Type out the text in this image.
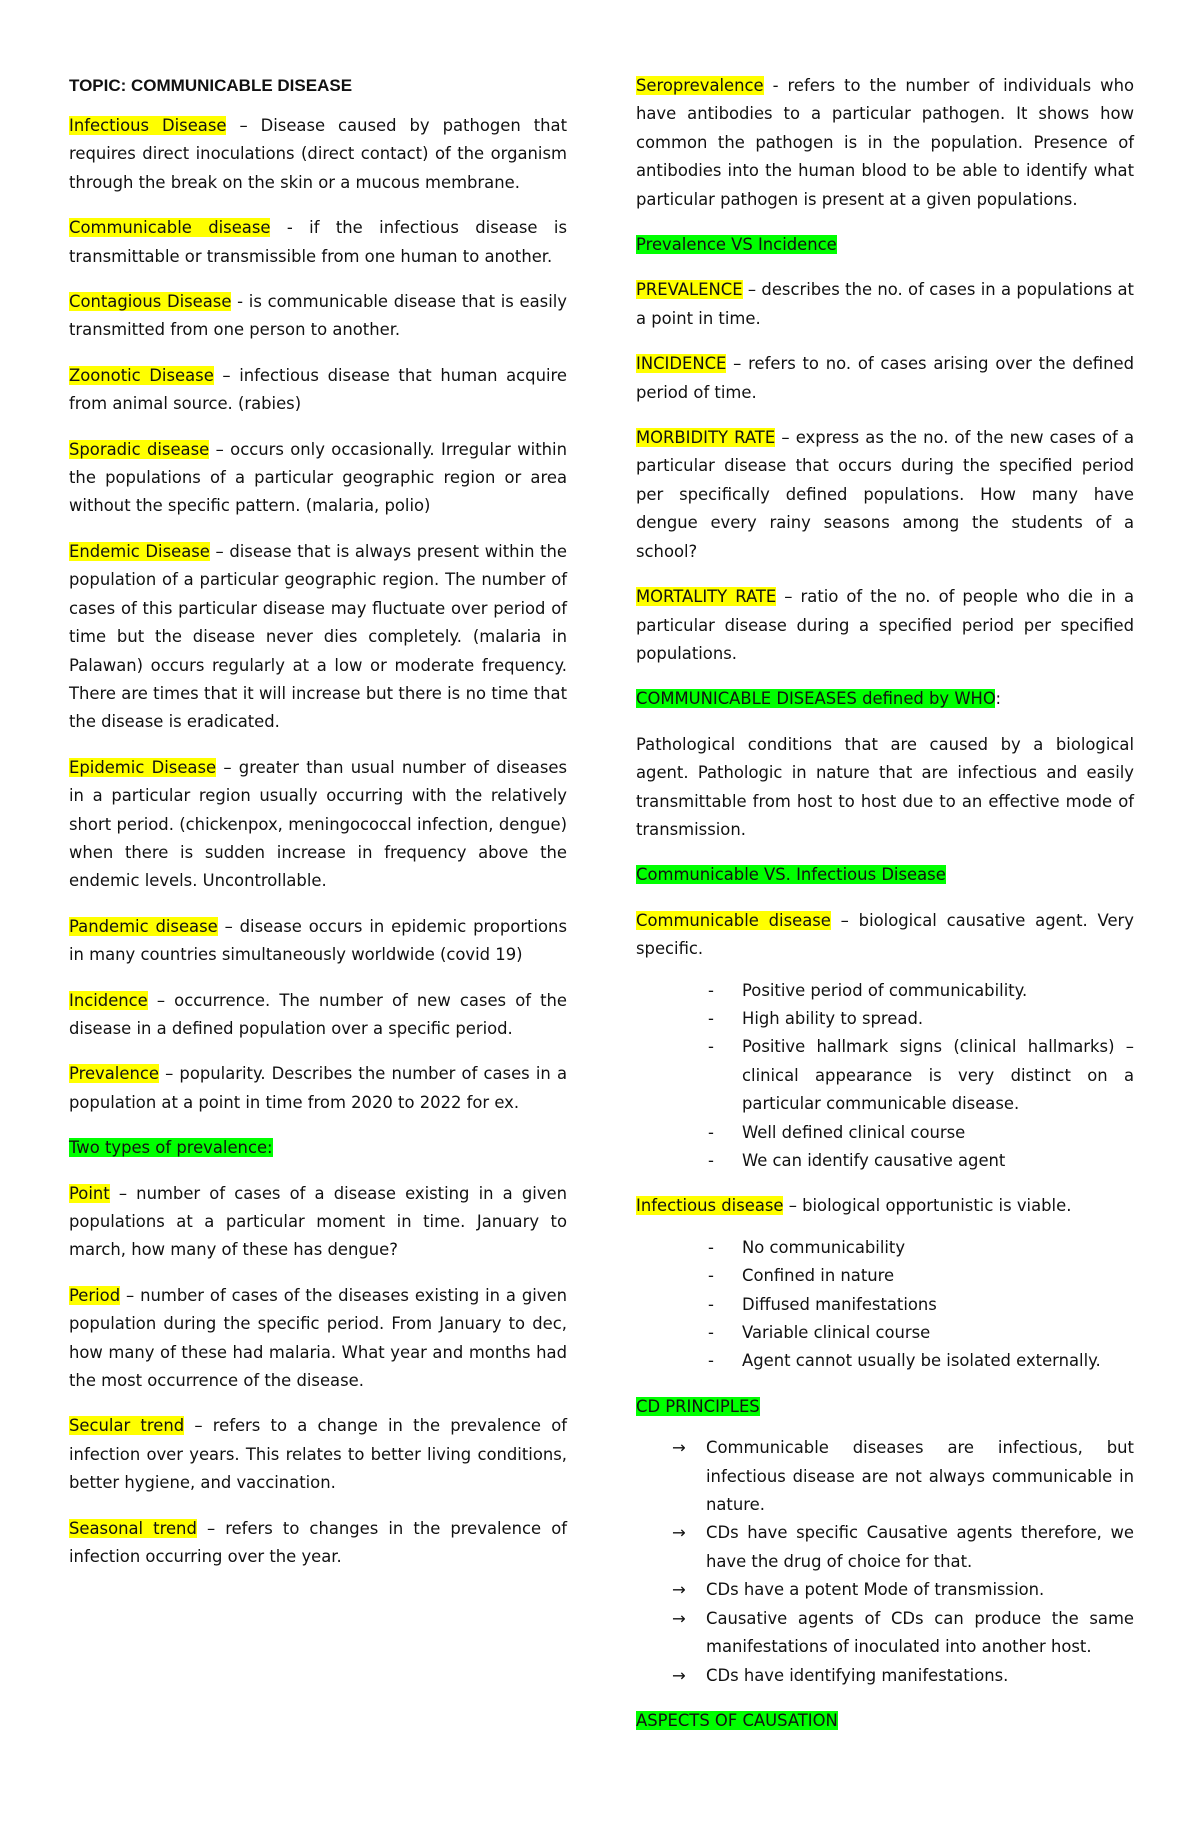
TOPIC: COMMUNICABLE DISEASE

Infectious Disease – Disease caused by pathogen that requires direct inoculations (direct contact) of the organism through the break on the skin or a mucous membrane.

Communicable disease - if the infectious disease is transmittable or transmissible from one human to another.

Contagious Disease - is communicable disease that is easily transmitted from one person to another.

Zoonotic Disease – infectious disease that human acquire from animal source. (rabies)

Sporadic disease – occurs only occasionally. Irregular within the populations of a particular geographic region or area without the specific pattern. (malaria, polio)

Endemic Disease – disease that is always present within the population of a particular geographic region. The number of cases of this particular disease may fluctuate over period of time but the disease never dies completely. (malaria in Palawan) occurs regularly at a low or moderate frequency. There are times that it will increase but there is no time that the disease is eradicated.

Epidemic Disease – greater than usual number of diseases in a particular region usually occurring with the relatively short period. (chickenpox, meningococcal infection, dengue) when there is sudden increase in frequency above the endemic levels. Uncontrollable.

Pandemic disease – disease occurs in epidemic proportions in many countries simultaneously worldwide (covid 19)

Incidence – occurrence. The number of new cases of the disease in a defined population over a specific period.

Prevalence – popularity. Describes the number of cases in a population at a point in time from 2020 to 2022 for ex.

Two types of prevalence:

Point – number of cases of a disease existing in a given populations at a particular moment in time. January to march, how many of these has dengue?

Period – number of cases of the diseases existing in a given population during the specific period. From January to dec, how many of these had malaria. What year and months had the most occurrence of the disease.

Secular trend – refers to a change in the prevalence of infection over years. This relates to better living conditions, better hygiene, and vaccination.

Seasonal trend – refers to changes in the prevalence of infection occurring over the year.

Seroprevalence - refers to the number of individuals who have antibodies to a particular pathogen. It shows how common the pathogen is in the population. Presence of antibodies into the human blood to be able to identify what particular pathogen is present at a given populations.

Prevalence VS Incidence

PREVALENCE – describes the no. of cases in a populations at a point in time.

INCIDENCE – refers to no. of cases arising over the defined period of time.

MORBIDITY RATE – express as the no. of the new cases of a particular disease that occurs during the specified period per specifically defined populations. How many have dengue every rainy seasons among the students of a school?

MORTALITY RATE – ratio of the no. of people who die in a particular disease during a specified period per specified populations.

COMMUNICABLE DISEASES defined by WHO:

Pathological conditions that are caused by a biological agent. Pathologic in nature that are infectious and easily transmittable from host to host due to an effective mode of transmission.

Communicable VS. Infectious Disease

Communicable disease – biological causative agent. Very specific.

- Positive period of communicability.
- High ability to spread.
- Positive hallmark signs (clinical hallmarks) – clinical appearance is very distinct on a particular communicable disease.
- Well defined clinical course
- We can identify causative agent

Infectious disease – biological opportunistic is viable.

- No communicability
- Confined in nature
- Diffused manifestations
- Variable clinical course
- Agent cannot usually be isolated externally.

CD PRINCIPLES

→ Communicable diseases are infectious, but infectious disease are not always communicable in nature.
→ CDs have specific Causative agents therefore, we have the drug of choice for that.
→ CDs have a potent Mode of transmission.
→ Causative agents of CDs can produce the same manifestations of inoculated into another host.
→ CDs have identifying manifestations.

ASPECTS OF CAUSATION
